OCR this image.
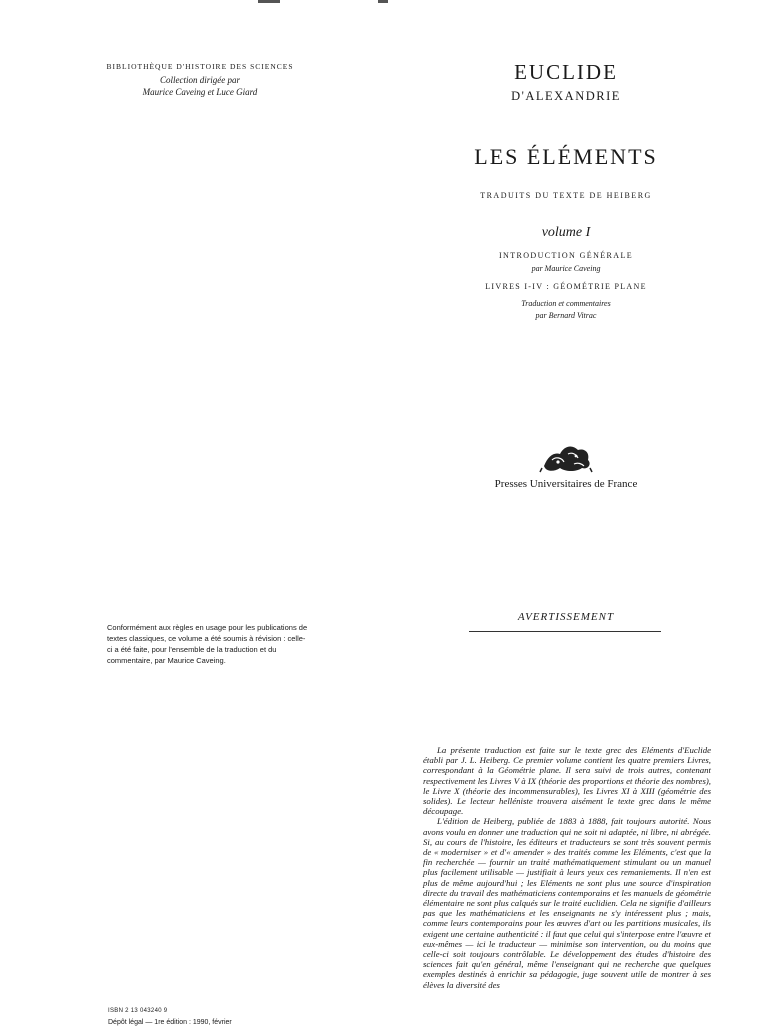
BIBLIOTHÈQUE D'HISTOIRE DES SCIENCES
Collection dirigée par
Maurice Caveing et Luce Giard
Conformément aux règles en usage pour les publications de textes classiques, ce volume a été soumis à révision : celle-ci a été faite, pour l'ensemble de la traduction et du commentaire, par Maurice Caveing.
ISBN 2 13 043240 9
Dépôt légal — 1re édition : 1990, février
EUCLIDE
D'ALEXANDRIE
LES ÉLÉMENTS
TRADUITS DU TEXTE DE HEIBERG
volume I
INTRODUCTION GÉNÉRALE
par Maurice Caveing
LIVRES I-IV : GÉOMÉTRIE PLANE
Traduction et commentaires
par Bernard Vitrac
Presses Universitaires de France
AVERTISSEMENT

La présente traduction est faite sur le texte grec des Eléments d'Euclide établi par J. L. Heiberg. Ce premier volume contient les quatre premiers Livres, correspondant à la Géométrie plane. Il sera suivi de trois autres, contenant respectivement les Livres V à IX (théorie des proportions et théorie des nombres), le Livre X (théorie des incommensurables), les Livres XI à XIII (géométrie des solides). Le lecteur helléniste trouvera aisément le texte grec dans le même découpage.

L'édition de Heiberg, publiée de 1883 à 1888, fait toujours autorité. Nous avons voulu en donner une traduction qui ne soit ni adaptée, ni libre, ni abrégée. Si, au cours de l'histoire, les éditeurs et traducteurs se sont très souvent permis de « moderniser » et d'« amender » des traités comme les Eléments, c'est que la fin recherchée — fournir un traité mathématiquement stimulant ou un manuel plus facilement utilisable — justifiait à leurs yeux ces remaniements. Il n'en est plus de même aujourd'hui ; les Eléments ne sont plus une source d'inspiration directe du travail des mathématiciens contemporains et les manuels de géométrie élémentaire ne sont plus calqués sur le traité euclidien. Cela ne signifie d'ailleurs pas que les mathématiciens et les enseignants ne s'y intéressent plus ; mais, comme leurs contemporains pour les œuvres d'art ou les partitions musicales, ils exigent une certaine authenticité : il faut que celui qui s'interpose entre l'œuvre et eux-mêmes — ici le traducteur — minimise son intervention, ou du moins que celle-ci soit toujours contrôlable. Le développement des études d'histoire des sciences fait qu'en général, même l'enseignant qui ne recherche que quelques exemples destinés à enrichir sa pédagogie, juge souvent utile de montrer à ses élèves la diversité des
